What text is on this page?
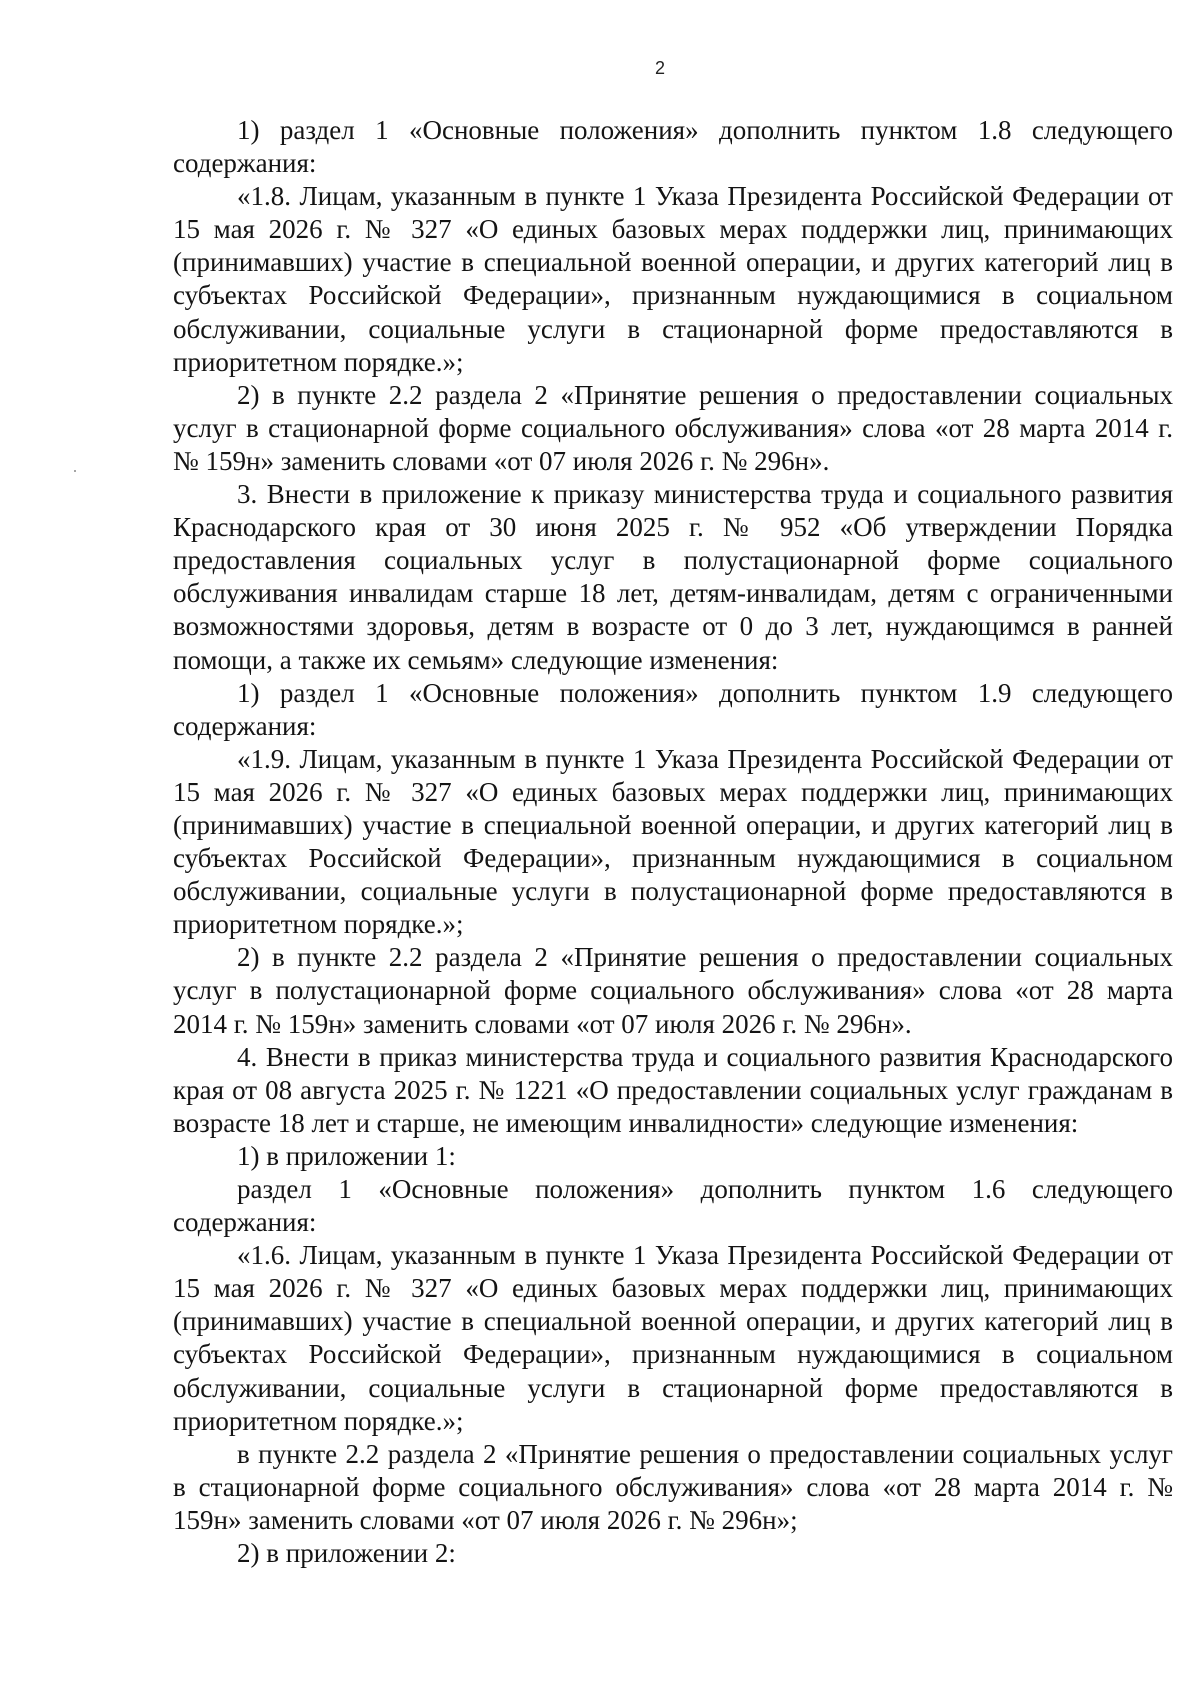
2

1) раздел 1 «Основные положения» дополнить пунктом 1.8 следующего содержания:

«1.8. Лицам, указанным в пункте 1 Указа Президента Российской Федерации от 15 мая 2026 г. № 327 «О единых базовых мерах поддержки лиц, принимающих (принимавших) участие в специальной военной операции, и других категорий лиц в субъектах Российской Федерации», признанным нуждающимися в социальном обслуживании, социальные услуги в стационарной форме предоставляются в приоритетном порядке.»;

2) в пункте 2.2 раздела 2 «Принятие решения о предоставлении социальных услуг в стационарной форме социального обслуживания» слова «от 28 марта 2014 г. № 159н» заменить словами «от 07 июля 2026 г. № 296н».

3. Внести в приложение к приказу министерства труда и социального развития Краснодарского края от 30 июня 2025 г. № 952 «Об утверждении Порядка предоставления социальных услуг в полустационарной форме социального обслуживания инвалидам старше 18 лет, детям-инвалидам, детям с ограниченными возможностями здоровья, детям в возрасте от 0 до 3 лет, нуждающимся в ранней помощи, а также их семьям» следующие изменения:

1) раздел 1 «Основные положения» дополнить пунктом 1.9 следующего содержания:

«1.9. Лицам, указанным в пункте 1 Указа Президента Российской Федерации от 15 мая 2026 г. № 327 «О единых базовых мерах поддержки лиц, принимающих (принимавших) участие в специальной военной операции, и других категорий лиц в субъектах Российской Федерации», признанным нуждающимися в социальном обслуживании, социальные услуги в полустационарной форме предоставляются в приоритетном порядке.»;

2) в пункте 2.2 раздела 2 «Принятие решения о предоставлении социальных услуг в полустационарной форме социального обслуживания» слова «от 28 марта 2014 г. № 159н» заменить словами «от 07 июля 2026 г. № 296н».

4. Внести в приказ министерства труда и социального развития Краснодарского края от 08 августа 2025 г. № 1221 «О предоставлении социальных услуг гражданам в возрасте 18 лет и старше, не имеющим инвалидности» следующие изменения:

1) в приложении 1:

раздел 1 «Основные положения» дополнить пунктом 1.6 следующего содержания:

«1.6. Лицам, указанным в пункте 1 Указа Президента Российской Федерации от 15 мая 2026 г. № 327 «О единых базовых мерах поддержки лиц, принимающих (принимавших) участие в специальной военной операции, и других категорий лиц в субъектах Российской Федерации», признанным нуждающимися в социальном обслуживании, социальные услуги в стационарной форме предоставляются в приоритетном порядке.»;

в пункте 2.2 раздела 2 «Принятие решения о предоставлении социальных услуг в стационарной форме социального обслуживания» слова «от 28 марта 2014 г. № 159н» заменить словами «от 07 июля 2026 г. № 296н»;

2) в приложении 2:
